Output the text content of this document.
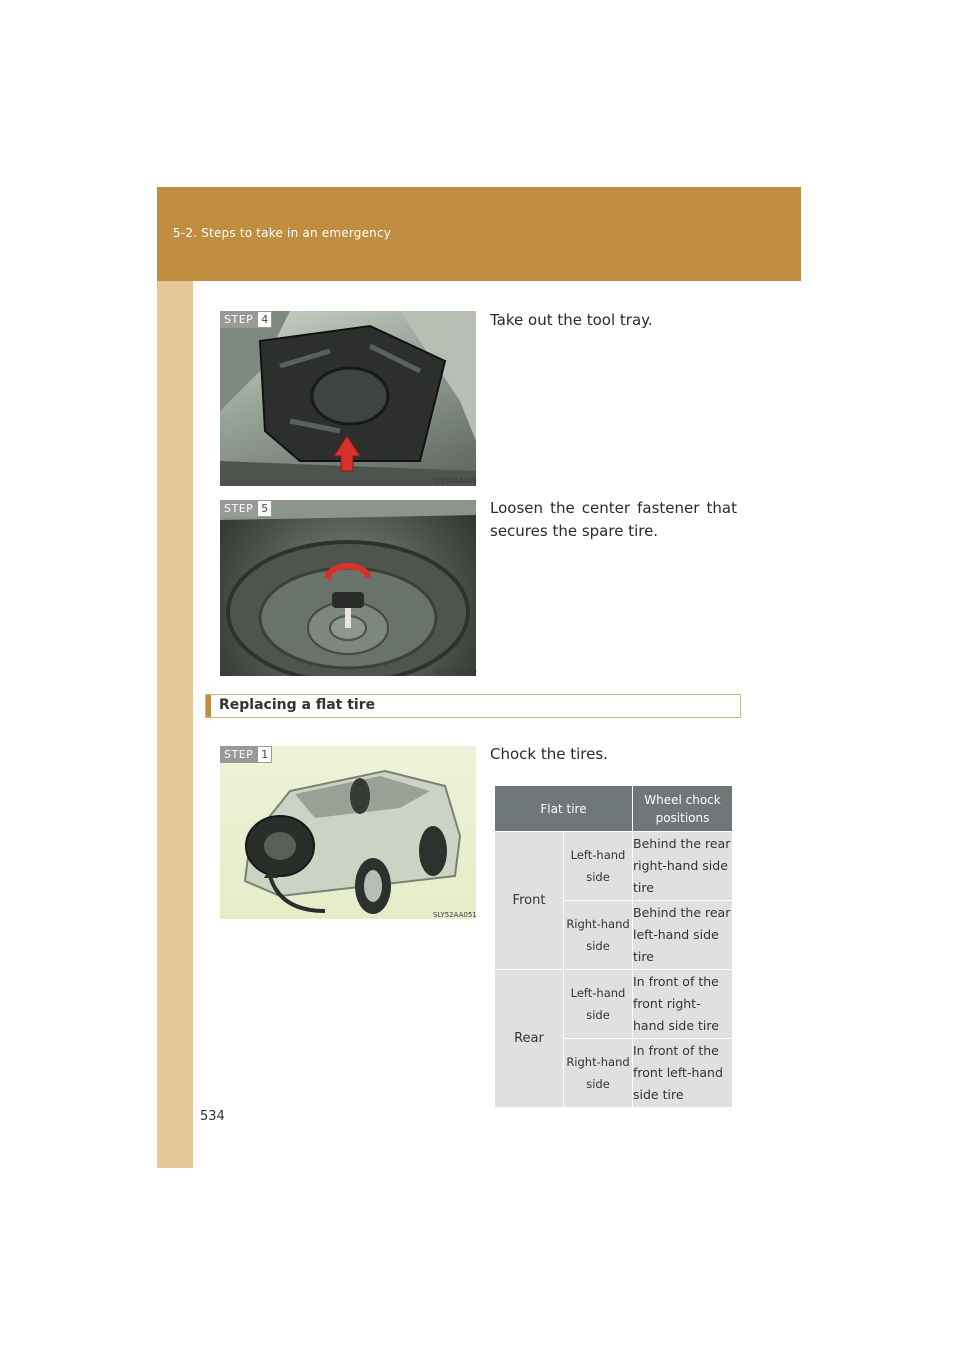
5-2. Steps to take in an emergency
STEP 4
SLY52AA049
Take out the tool tray.
STEP 5
SLY52AA050
Loosen the center fastener that secures the spare tire.
Replacing a flat tire
STEP 1
SLY52AA051
Chock the tires.
Flat tire		Wheel chock positions
Front	Left-hand side	Behind the rear right-hand side tire
	Right-hand side	Behind the rear left-hand side tire
Rear	Left-hand side	In front of the front right-hand side tire
	Right-hand side	In front of the front left-hand side tire
534
